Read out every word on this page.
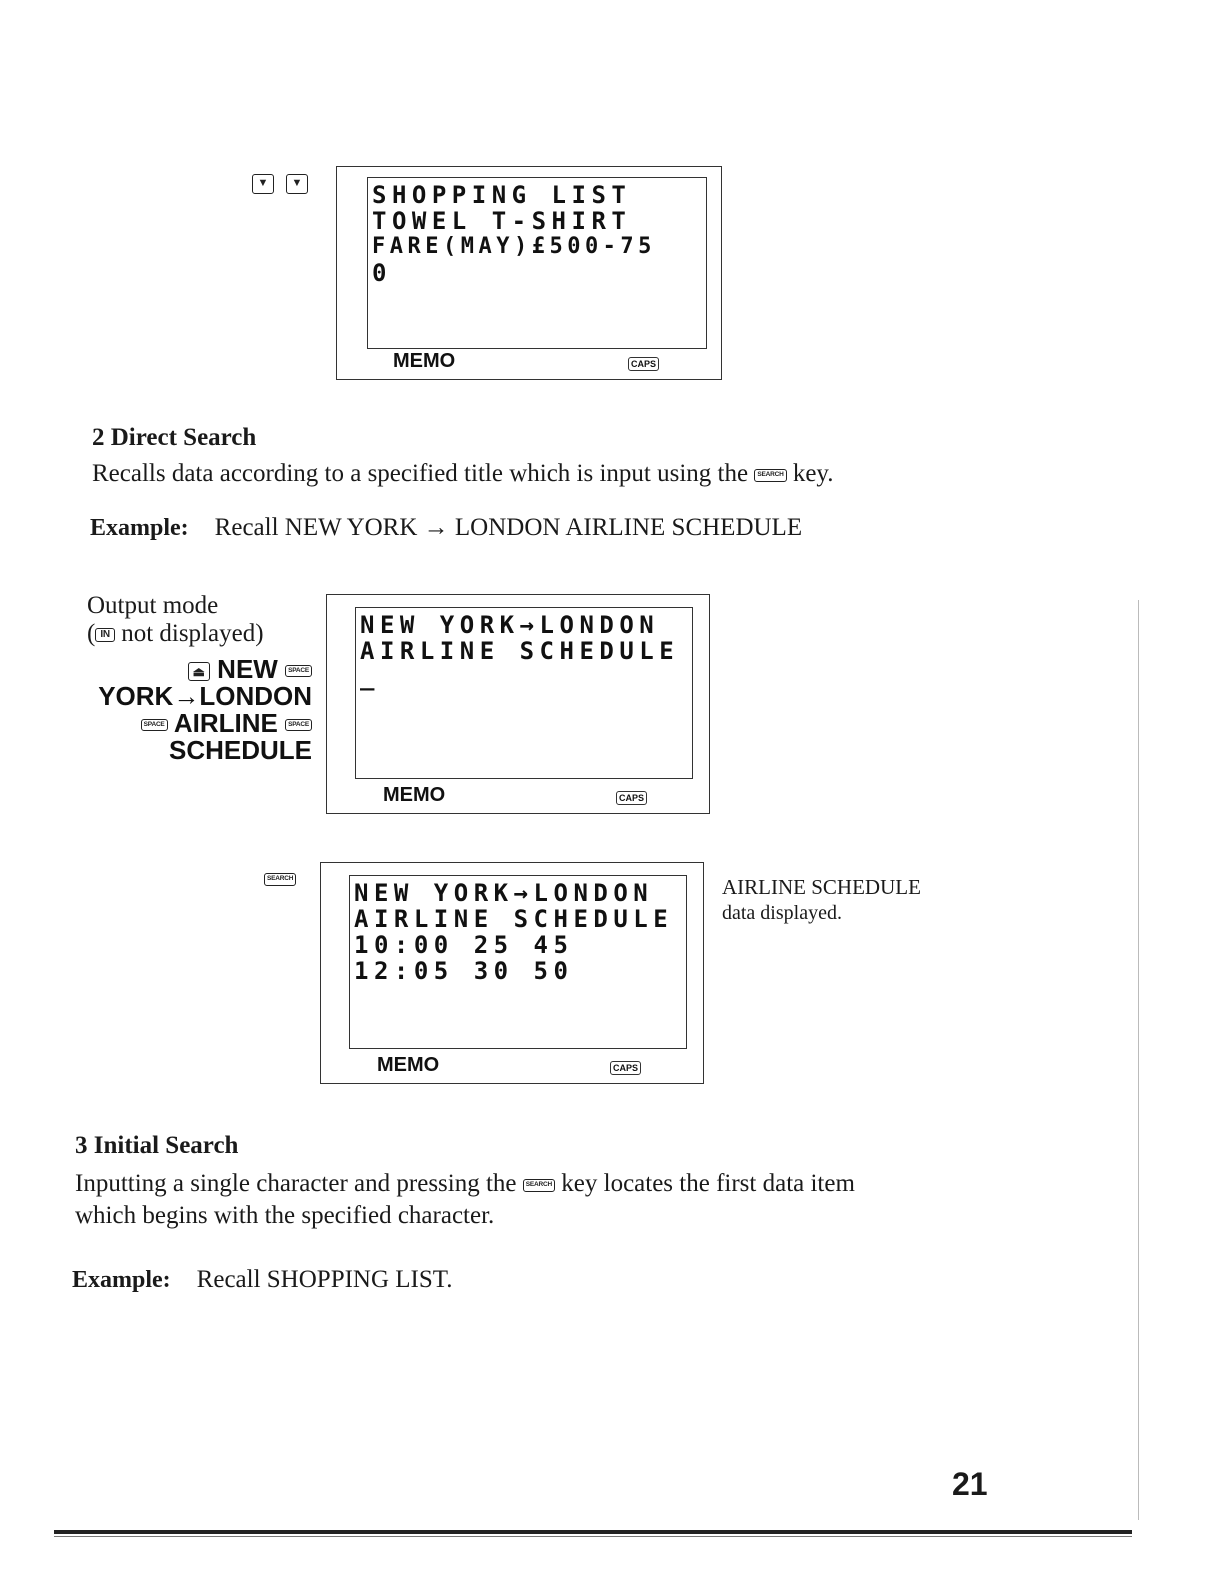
▼ ▼	SHOPPING LIST
TOWEL T-SHIRT
FARE(MAY)£500-75
0
MEMO	CAPS
2 Direct Search
Recalls data according to a specified title which is input using the SEARCH key.
Example: Recall NEW YORK → LONDON AIRLINE SCHEDULE
Output mode
( IN not displayed)
⏏ NEW SPACE
YORK→LONDON
SPACE AIRLINE SPACE
SCHEDULE
NEW YORK→LONDON
AIRLINE SCHEDULE
_
MEMO	CAPS
SEARCH
NEW YORK→LONDON
AIRLINE SCHEDULE
10:00 25 45
12:05 30 50
MEMO	CAPS
AIRLINE SCHEDULE
data displayed.
3 Initial Search
Inputting a single character and pressing the SEARCH key locates the first data item
which begins with the specified character.
Example: Recall SHOPPING LIST.
21
